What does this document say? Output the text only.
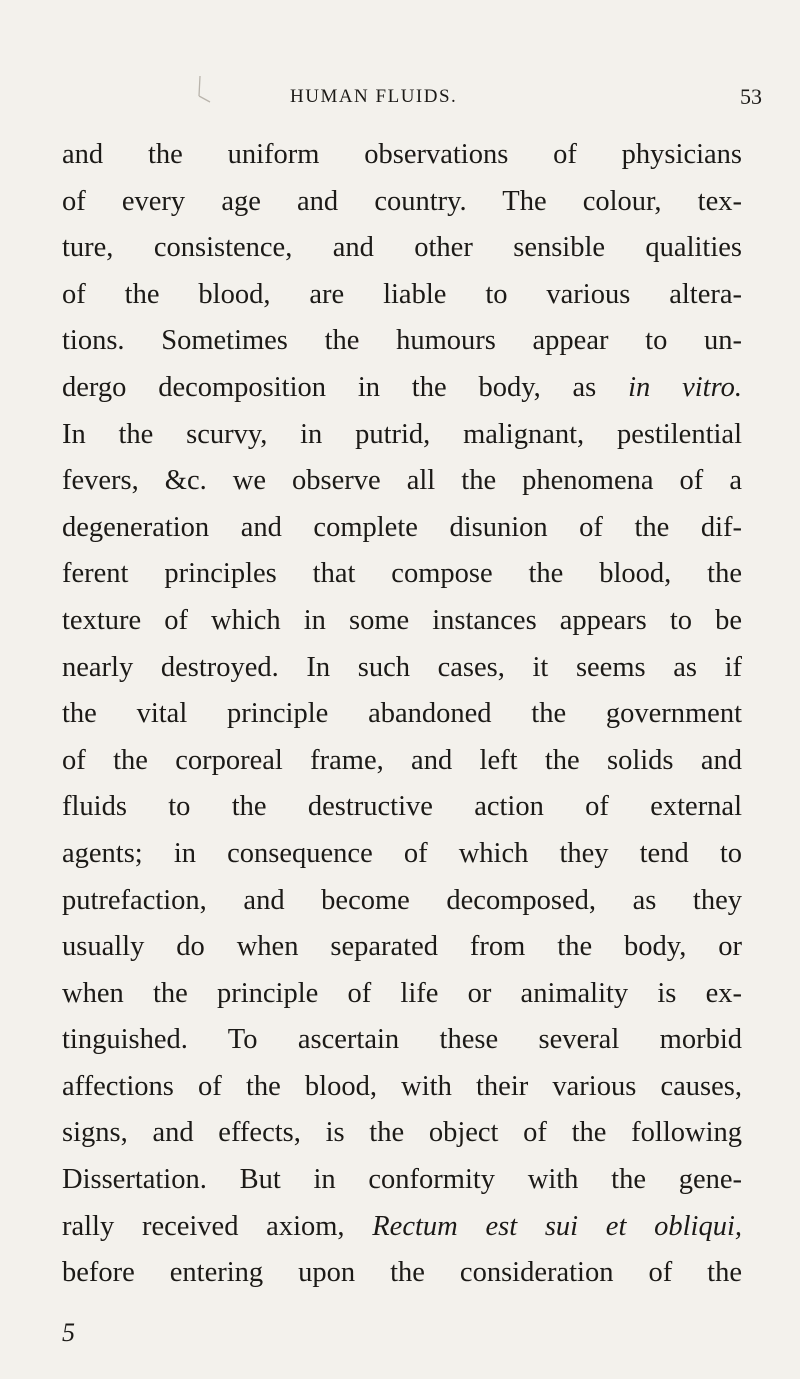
HUMAN FLUIDS.	53
and the uniform observations of physicians
of every age and country. The colour, tex-
ture, consistence, and other sensible qualities
of the blood, are liable to various altera-
tions. Sometimes the humours appear to un-
dergo decomposition in the body, as in vitro.
In the scurvy, in putrid, malignant, pestilential
fevers, &c. we observe all the phenomena of a
degeneration and complete disunion of the dif-
ferent principles that compose the blood, the
texture of which in some instances appears to be
nearly destroyed. In such cases, it seems as if
the vital principle abandoned the government
of the corporeal frame, and left the solids and
fluids to the destructive action of external
agents; in consequence of which they tend to
putrefaction, and become decomposed, as they
usually do when separated from the body, or
when the principle of life or animality is ex-
tinguished. To ascertain these several morbid
affections of the blood, with their various causes,
signs, and effects, is the object of the following
Dissertation. But in conformity with the gene-
rally received axiom, Rectum est sui et obliqui,
before entering upon the consideration of the
5
